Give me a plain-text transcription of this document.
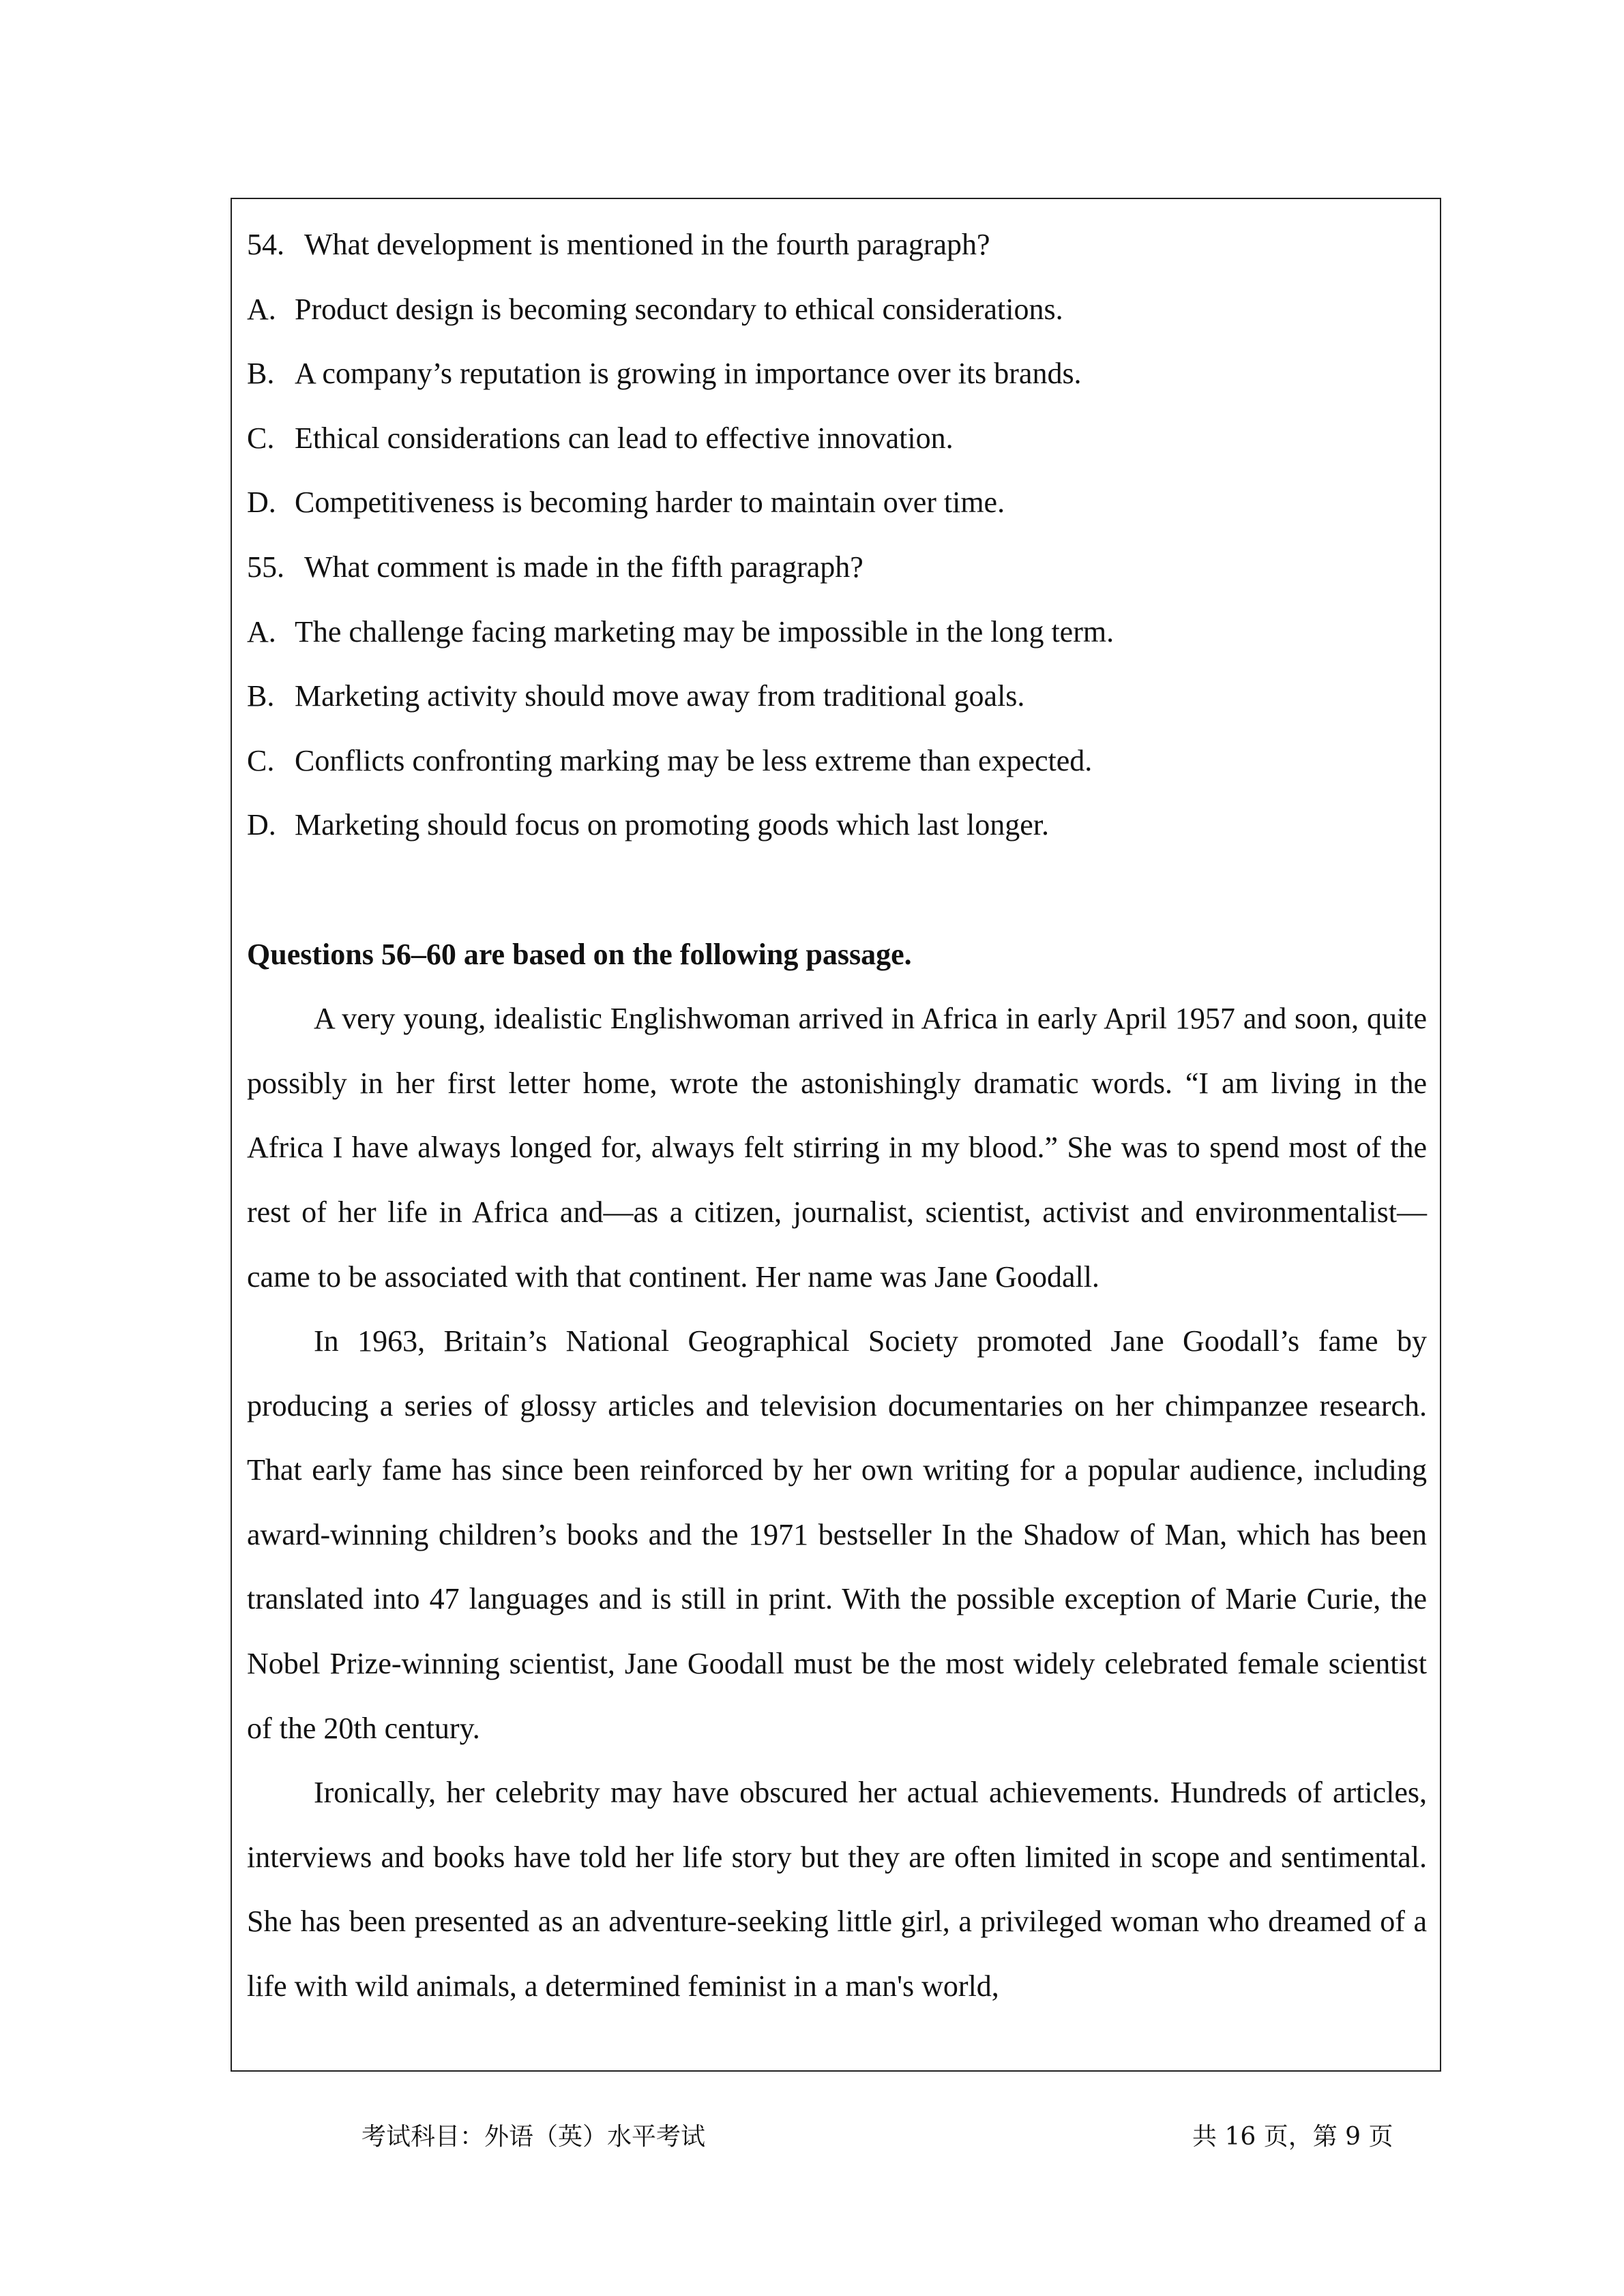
54. What development is mentioned in the fourth paragraph?
A. Product design is becoming secondary to ethical considerations.
B. A company’s reputation is growing in importance over its brands.
C. Ethical considerations can lead to effective innovation.
D. Competitiveness is becoming harder to maintain over time.
55. What comment is made in the fifth paragraph?
A. The challenge facing marketing may be impossible in the long term.
B. Marketing activity should move away from traditional goals.
C. Conflicts confronting marking may be less extreme than expected.
D. Marketing should focus on promoting goods which last longer.
Questions 56–60 are based on the following passage.

A very young, idealistic Englishwoman arrived in Africa in early April 1957 and soon, quite possibly in her first letter home, wrote the astonishingly dramatic words. “I am living in the Africa I have always longed for, always felt stirring in my blood.” She was to spend most of the rest of her life in Africa and—as a citizen, journalist, scientist, activist and environmentalist—came to be associated with that continent. Her name was Jane Goodall.

In 1963, Britain’s National Geographical Society promoted Jane Goodall’s fame by producing a series of glossy articles and television documentaries on her chimpanzee research. That early fame has since been reinforced by her own writing for a popular audience, including award-winning children’s books and the 1971 bestseller In the Shadow of Man, which has been translated into 47 languages and is still in print. With the possible exception of Marie Curie, the Nobel Prize-winning scientist, Jane Goodall must be the most widely celebrated female scientist of the 20th century.

Ironically, her celebrity may have obscured her actual achievements. Hundreds of articles, interviews and books have told her life story but they are often limited in scope and sentimental. She has been presented as an adventure-seeking little girl, a privileged woman who dreamed of a life with wild animals, a determined feminist in a man's world,

考试科目：外语（英）水平考试	共 16 页，第 9 页
